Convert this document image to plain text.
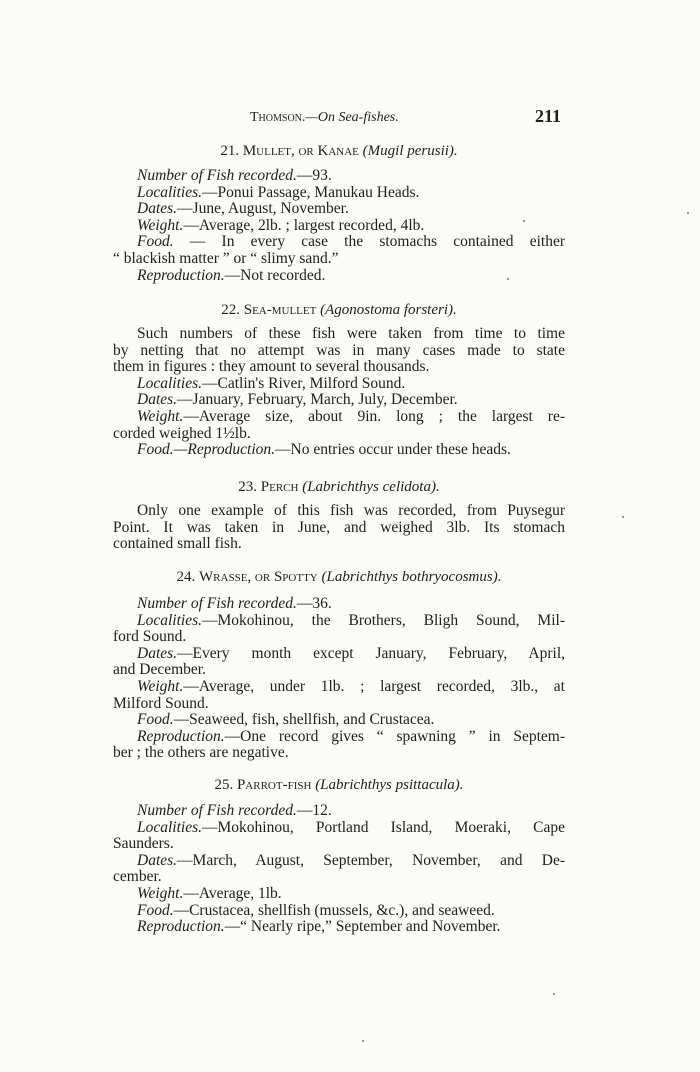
Thomson.—On Sea-fishes.	211
21. Mullet, or Kanae (Mugil perusii).
Number of Fish recorded.—93.
Localities.—Ponui Passage, Manukau Heads.
Dates.—June, August, November.
Weight.—Average, 2lb. ; largest recorded, 4lb.
Food. — In every case the stomachs contained either
“ blackish matter ” or “ slimy sand.”
Reproduction.—Not recorded.
22. Sea-mullet (Agonostoma forsteri).
Such numbers of these fish were taken from time to time
by netting that no attempt was in many cases made to state
them in figures : they amount to several thousands.
Localities.—Catlin's River, Milford Sound.
Dates.—January, February, March, July, December.
Weight.—Average size, about 9in. long ; the largest re-
corded weighed 1½lb.
Food.—Reproduction.—No entries occur under these heads.
23. Perch (Labrichthys celidota).
Only one example of this fish was recorded, from Puysegur
Point. It was taken in June, and weighed 3lb. Its stomach
contained small fish.
24. Wrasse, or Spotty (Labrichthys bothryocosmus).
Number of Fish recorded.—36.
Localities.—Mokohinou, the Brothers, Bligh Sound, Mil-
ford Sound.
Dates.—Every month except January, February, April,
and December.
Weight.—Average, under 1lb. ; largest recorded, 3lb., at
Milford Sound.
Food.—Seaweed, fish, shellfish, and Crustacea.
Reproduction.—One record gives “ spawning ” in Septem-
ber ; the others are negative.
25. Parrot-fish (Labrichthys psittacula).
Number of Fish recorded.—12.
Localities.—Mokohinou, Portland Island, Moeraki, Cape
Saunders.
Dates.—March, August, September, November, and De-
cember.
Weight.—Average, 1lb.
Food.—Crustacea, shellfish (mussels, &c.), and seaweed.
Reproduction.—“ Nearly ripe,” September and November.
